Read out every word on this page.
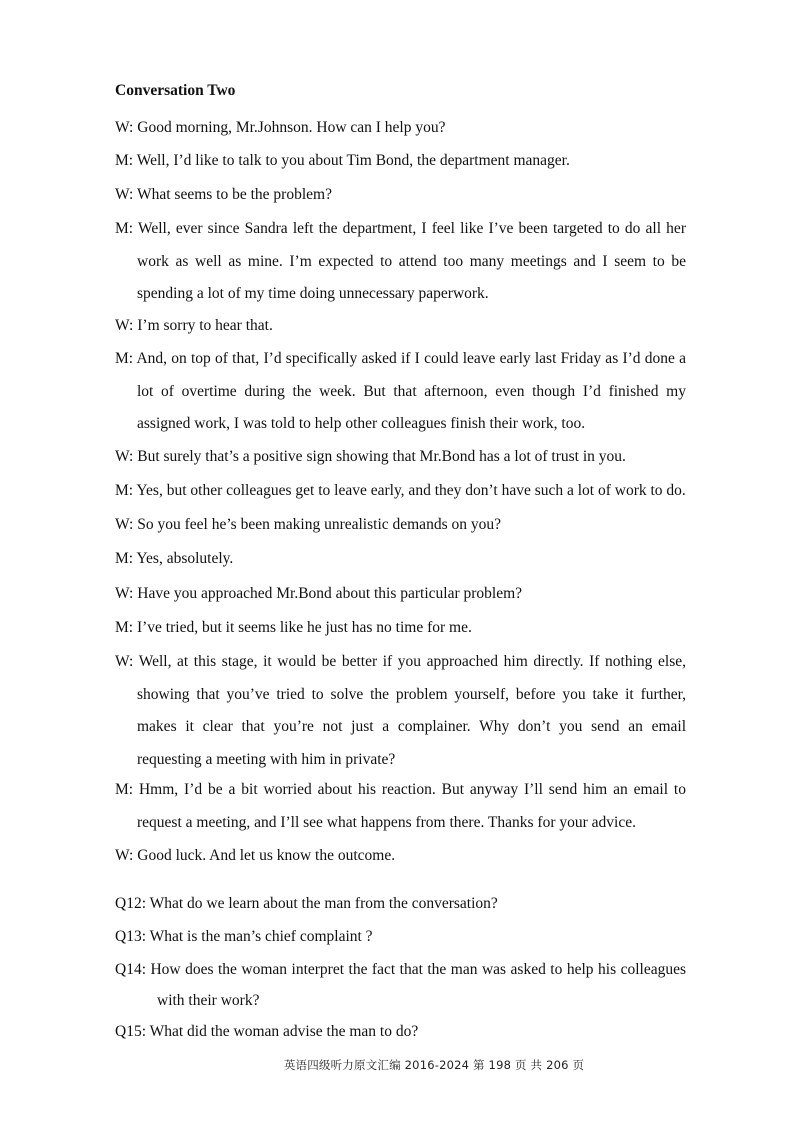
Conversation Two

W: Good morning, Mr.Johnson. How can I help you?

M: Well, I’d like to talk to you about Tim Bond, the department manager.

W: What seems to be the problem?

M: Well, ever since Sandra left the department, I feel like I’ve been targeted to do all her work as well as mine. I’m expected to attend too many meetings and I seem to be spending a lot of my time doing unnecessary paperwork.

W: I’m sorry to hear that.

M: And, on top of that, I’d specifically asked if I could leave early last Friday as I’d done a lot of overtime during the week. But that afternoon, even though I’d finished my assigned work, I was told to help other colleagues finish their work, too.

W: But surely that’s a positive sign showing that Mr.Bond has a lot of trust in you.

M: Yes, but other colleagues get to leave early, and they don’t have such a lot of work to do.

W: So you feel he’s been making unrealistic demands on you?

M: Yes, absolutely.

W: Have you approached Mr.Bond about this particular problem?

M: I’ve tried, but it seems like he just has no time for me.

W: Well, at this stage, it would be better if you approached him directly. If nothing else, showing that you’ve tried to solve the problem yourself, before you take it further, makes it clear that you’re not just a complainer. Why don’t you send an email requesting a meeting with him in private?

M: Hmm, I’d be a bit worried about his reaction. But anyway I’ll send him an email to request a meeting, and I’ll see what happens from there. Thanks for your advice.

W: Good luck. And let us know the outcome.

Q12: What do we learn about the man from the conversation?

Q13: What is the man’s chief complaint ?

Q14: How does the woman interpret the fact that the man was asked to help his colleagues with their work?

Q15: What did the woman advise the man to do?

英语四级听力原文汇编 2016-2024 第 198 页 共 206 页
